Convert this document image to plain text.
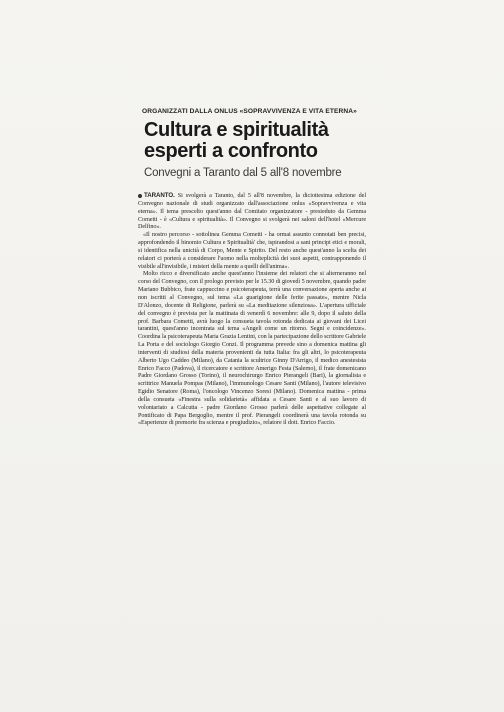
ORGANIZZATI DALLA ONLUS «SOPRAVVIVENZA E VITA ETERNA»
Cultura e spiritualità
esperti a confronto
Convegni a Taranto dal 5 all'8 novembre

TARANTO. Si svolgerà a Taranto, dal 5 all'8 novembre, la diciottesima edizione del Convegno nazionale di studi organizzato dall'associazione onlus «Sopravvivenza e vita eterna». Il tema prescelto quest'anno dal Comitato organizzatore - presieduto da Gemma Cometti - è «Cultura e spiritualità». Il Convegno si svolgerà nei saloni dell'hotel «Mercure Delfino».

«Il nostro percorso - sottolinea Gemma Cometti - ha ormai assunto connotati ben precisi, approfondendo il binomio Cultura e Spiritualità' che, ispirandosi a sani principi etici e morali, si identifica nella unicità di Corpo, Mente e Spirito. Del resto anche quest'anno la scelta dei relatori ci porterà a considerare l'uomo nella molteplicità dei suoi aspetti, contrapponendo il visibile all'invisibile, i misteri della mente a quelli dell'anima».

Molto ricco e diversificato anche quest'anno l'insieme dei relatori che si alterneranno nel corso del Convegno, con il prologo previsto per le 15.30 di giovedì 5 novembre, quando padre Mariano Bubbico, frate cappuccino e psicoterapeuta, terrà una conversazione aperta anche ai non iscritti al Convegno, sul tema «La guarigione delle ferite passate», mentre Nicla D'Alonzo, docente di Religione, parlerà su «La meditazione silenziosa». L'apertura ufficiale del convegno è prevista per la mattinata di venerdì 6 novembre: alle 9, dopo il saluto della prof. Barbara Cometti, avrà luogo la consueta tavola rotonda dedicata ai giovani dei Licei tarantini, quest'anno incentrata sul tema «Angeli come un ritorno. Segni e coincidenze». Coordina la psicoterapeuta Maria Grazia Lentini, con la partecipazione dello scrittore Gabriele La Porta e del sociologo Giorgio Conzi. Il programma prevede sino a domenica mattina gli interventi di studiosi della materia provenienti da tutta Italia: fra gli altri, lo psicoterapeuta Alberto Ugo Caddeo (Milano), da Catania la scultrice Ginny D'Arrigo, il medico anestesista Enrico Facco (Padova), il ricercatore e scrittore Amerigo Festa (Salerno), il frate domenicano Padre Giordano Grosso (Torino), il neurochirurgo Enrico Pierangeli (Bari), la giornalista e scrittrice Manuela Pompas (Milano), l'immunologo Cesare Santi (Milano), l'autore televisivo Egidio Senatore (Roma), l'oncologo Vincenzo Soresi (Milano). Domenica mattina - prima della consueta «Finestra sulla solidarietà» affidata a Cesare Santi e al suo lavoro di volontariato a Calcutta - padre Giordano Grosso parlerà delle aspettative collegate al Pontificato di Papa Bergoglio, mentre il prof. Pierangeli coordinerà una tavola rotonda su «Esperienze di premorte fra scienza e pregiudizio», relatore il dott. Enrico Faccio.
